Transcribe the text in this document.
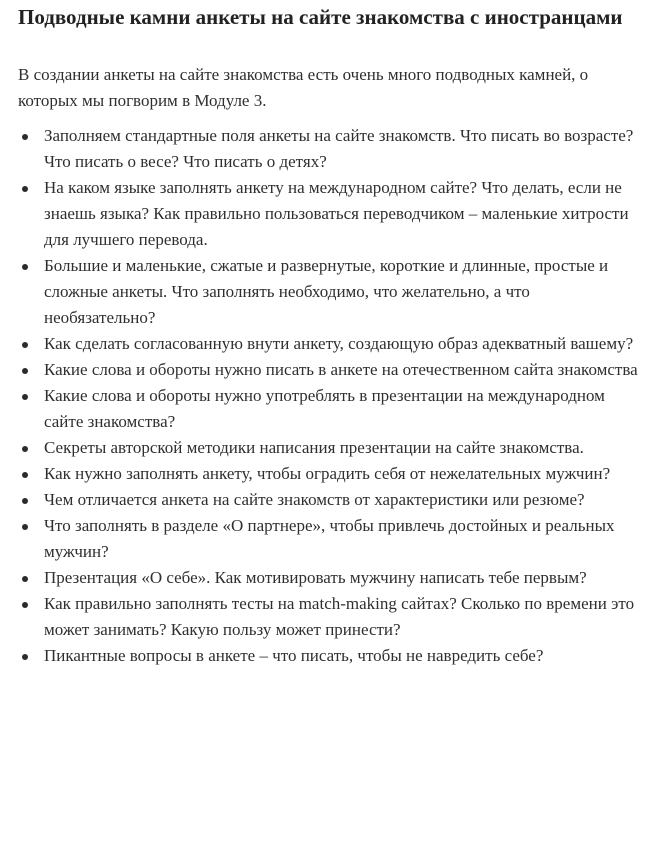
Подводные камни анкеты на сайте знакомства с иностранцами

В создании анкеты на сайте знакомства есть очень много подводных камней, о которых мы погворим в Модуле 3.

Заполняем стандартные поля анкеты на сайте знакомств. Что писать во возрасте? Что писать о весе? Что писать о детях?
На каком языке заполнять анкету на международном сайте? Что делать, если не знаешь языка? Как правильно пользоваться переводчиком – маленькие хитрости для лучшего перевода.
Большие и маленькие, сжатые и развернутые, короткие и длинные, простые и сложные анкеты. Что заполнять необходимо, что желательно, а что необязательно?
Как сделать согласованную внути анкету, создающую образ адекватный вашему?
Какие слова и обороты нужно писать в анкете на отечественном сайта знакомства
Какие слова и обороты нужно употреблять в презентации на международном сайте знакомства?
Секреты авторской методики написания презентации на сайте знакомства.
Как нужно заполнять анкету, чтобы оградить себя от нежелательных мужчин?
Чем отличается анкета на сайте знакомств от характеристики или резюме?
Что заполнять в разделе «О партнере», чтобы привлечь достойных и реальных мужчин?
Презентация «О себе». Как мотивировать мужчину написать тебе первым?
Как правильно заполнять тесты на match-making сайтах? Сколько по времени это может занимать? Какую пользу может принести?
Пикантные вопросы в анкете – что писать, чтобы не навредить себе?
